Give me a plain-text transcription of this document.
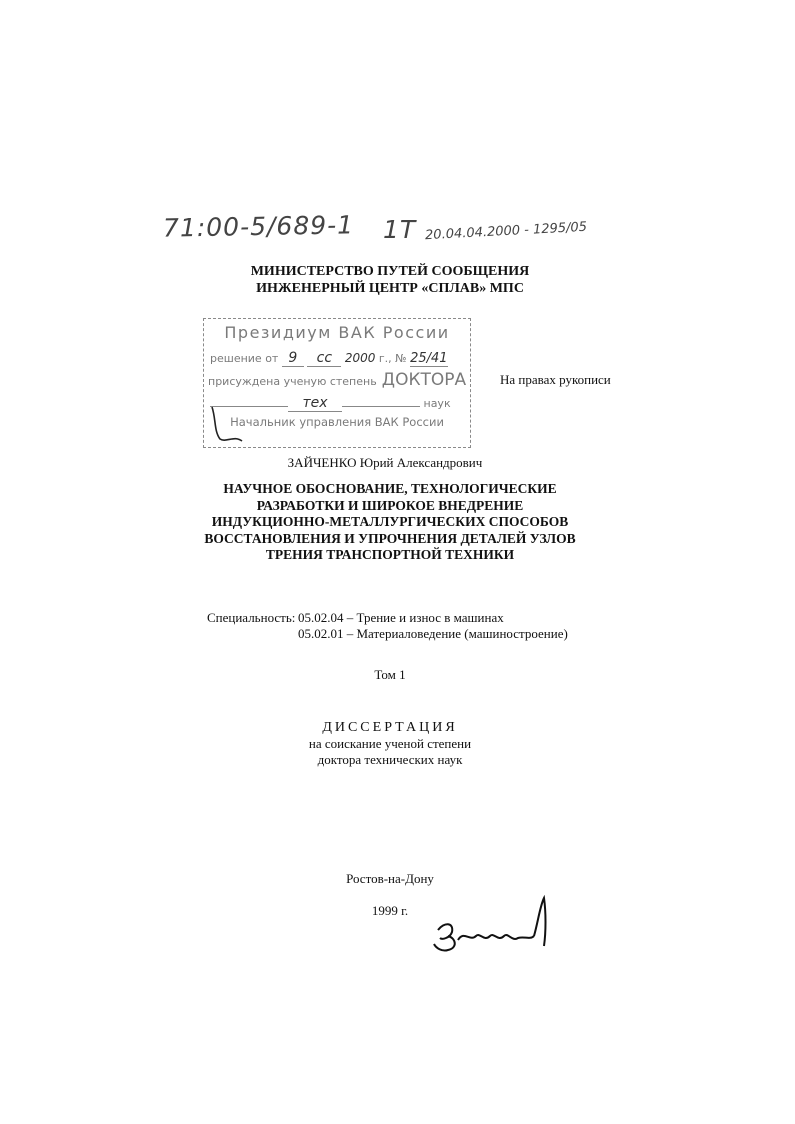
71:00-5/689-1 1Т 20.04.04.2000 - 1295/05
МИНИСТЕРСТВО ПУТЕЙ СООБЩЕНИЯ
ИНЖЕНЕРНЫЙ ЦЕНТР «СПЛАВ» МПС
Президиум ВАК России
решение от 9 сс 2000 г., № 25/41
присуждена ученую степень ДОКТОРА
тех	наук
Начальник управления ВАК России
На правах рукописи
ЗАЙЧЕНКО Юрий Александрович
НАУЧНОЕ ОБОСНОВАНИЕ, ТЕХНОЛОГИЧЕСКИЕ
РАЗРАБОТКИ И ШИРОКОЕ ВНЕДРЕНИЕ
ИНДУКЦИОННО-МЕТАЛЛУРГИЧЕСКИХ СПОСОБОВ
ВОССТАНОВЛЕНИЯ И УПРОЧНЕНИЯ ДЕТАЛЕЙ УЗЛОВ
ТРЕНИЯ ТРАНСПОРТНОЙ ТЕХНИКИ
Специальность: 05.02.04 – Трение и износ в машинах
05.02.01 – Материаловедение (машиностроение)
Том 1
ДИССЕРТАЦИЯ
на соискание ученой степени
доктора технических наук
Ростов-на-Дону
1999 г.
